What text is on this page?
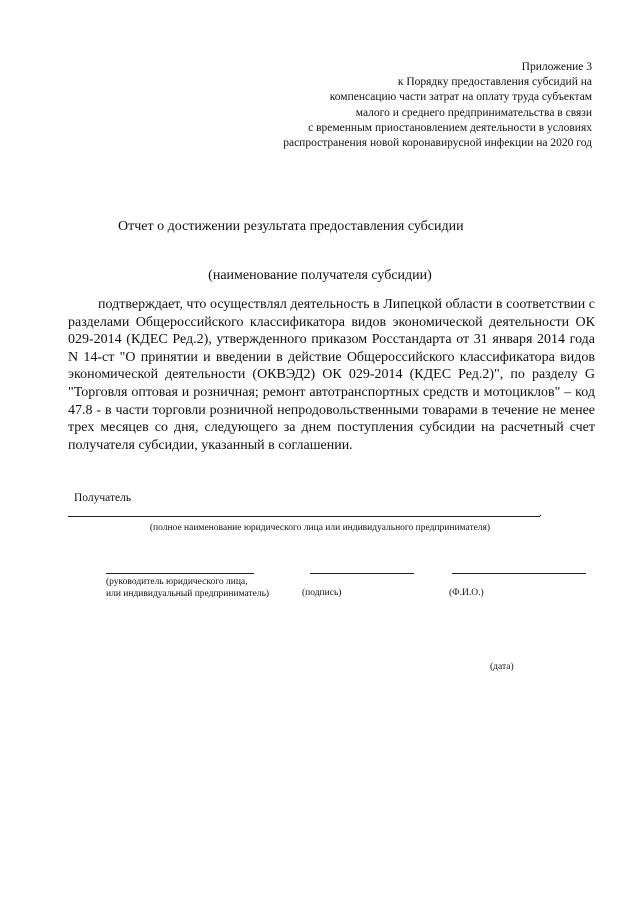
Приложение 3
к Порядку предоставления субсидий на
компенсацию части затрат на оплату труда субъектам
малого и среднего предпринимательства в связи
с временным приостановлением деятельности в условиях
распространения новой коронавирусной инфекции на 2020 год
Отчет о достижении результата предоставления субсидии
(наименование получателя субсидии)

подтверждает, что осуществлял деятельность в Липецкой области в соответствии с разделами Общероссийского классификатора видов экономической деятельности ОК 029-2014 (КДЕС Ред.2), утвержденного приказом Росстандарта от 31 января 2014 года N 14-ст "О принятии и введении в действие Общероссийского классификатора видов экономической деятельности (ОКВЭД2) ОК 029-2014 (КДЕС Ред.2)", по разделу G "Торговля оптовая и розничная; ремонт автотранспортных средств и мотоциклов" – код 47.8 - в части торговли розничной непродовольственными товарами в течение не менее трех месяцев со дня, следующего за днем поступления субсидии на расчетный счет получателя субсидии, указанный в соглашении.

Получатель
.
(полное наименование юридического лица или индивидуального предпринимателя)
(руководитель юридического лица,
или индивидуальный предприниматель)	(подпись)	(Ф.И.О.)
(дата)
